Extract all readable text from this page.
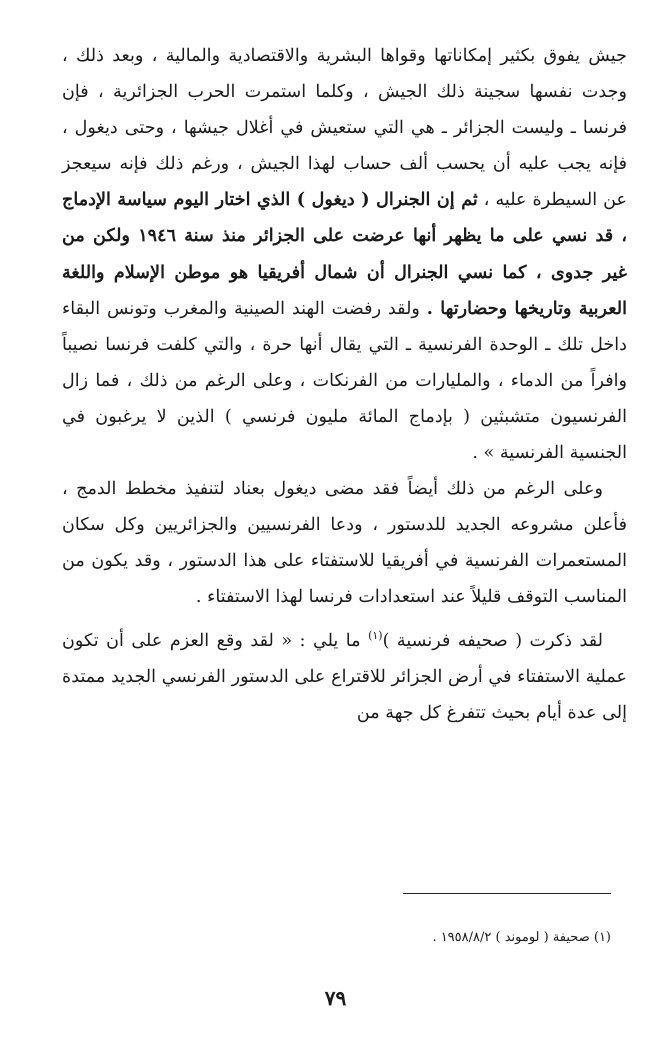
جيش يفوق بكثير إمكاناتها وقواها البشرية والاقتصادية والمالية ، وبعد ذلك ، وجدت نفسها سجينة ذلك الجيش ، وكلما استمرت الحرب الجزائرية ، فإن فرنسا ـ وليست الجزائر ـ هي التي ستعيش في أغلال جيشها ، وحتى ديغول ، فإنه يجب عليه أن يحسب ألف حساب لهذا الجيش ، ورغم ذلك فإنه سيعجز عن السيطرة عليه ، ثم إن الجنرال ( ديغول ) الذي اختار اليوم سياسة الإدماج ، قد نسي على ما يظهر أنها عرضت على الجزائر منذ سنة ١٩٤٦ ولكن من غير جدوى ، كما نسي الجنرال أن شمال أفريقيا هو موطن الإسلام واللغة العربية وتاريخها وحضارتها . ولقد رفضت الهند الصينية والمغرب وتونس البقاء داخل تلك ـ الوحدة الفرنسية ـ التي يقال أنها حرة ، والتي كلفت فرنسا نصيباً وافراً من الدماء ، والمليارات من الفرنكات ، وعلى الرغم من ذلك ، فما زال الفرنسيون متشبثين ( بإدماج المائة مليون فرنسي ) الذين لا يرغبون في الجنسية الفرنسية » .

وعلى الرغم من ذلك أيضاً فقد مضى ديغول بعناد لتنفيذ مخطط الدمج ، فأعلن مشروعه الجديد للدستور ، ودعا الفرنسيين والجزائريين وكل سكان المستعمرات الفرنسية في أفريقيا للاستفتاء على هذا الدستور ، وقد يكون من المناسب التوقف قليلاً عند استعدادات فرنسا لهذا الاستفتاء .

لقد ذكرت ( صحيفه فرنسية )$^{(١)}$ ما يلي : « لقد وقع العزم على أن تكون عملية الاستفتاء في أرض الجزائر للاقتراع على الدستور الفرنسي الجديد ممتدة إلى عدة أيام بحيث تتفرغ كل جهة من

(١) صحيفة ( لوموند ) ١٩٥٨/٨/٢ .
٧٩
